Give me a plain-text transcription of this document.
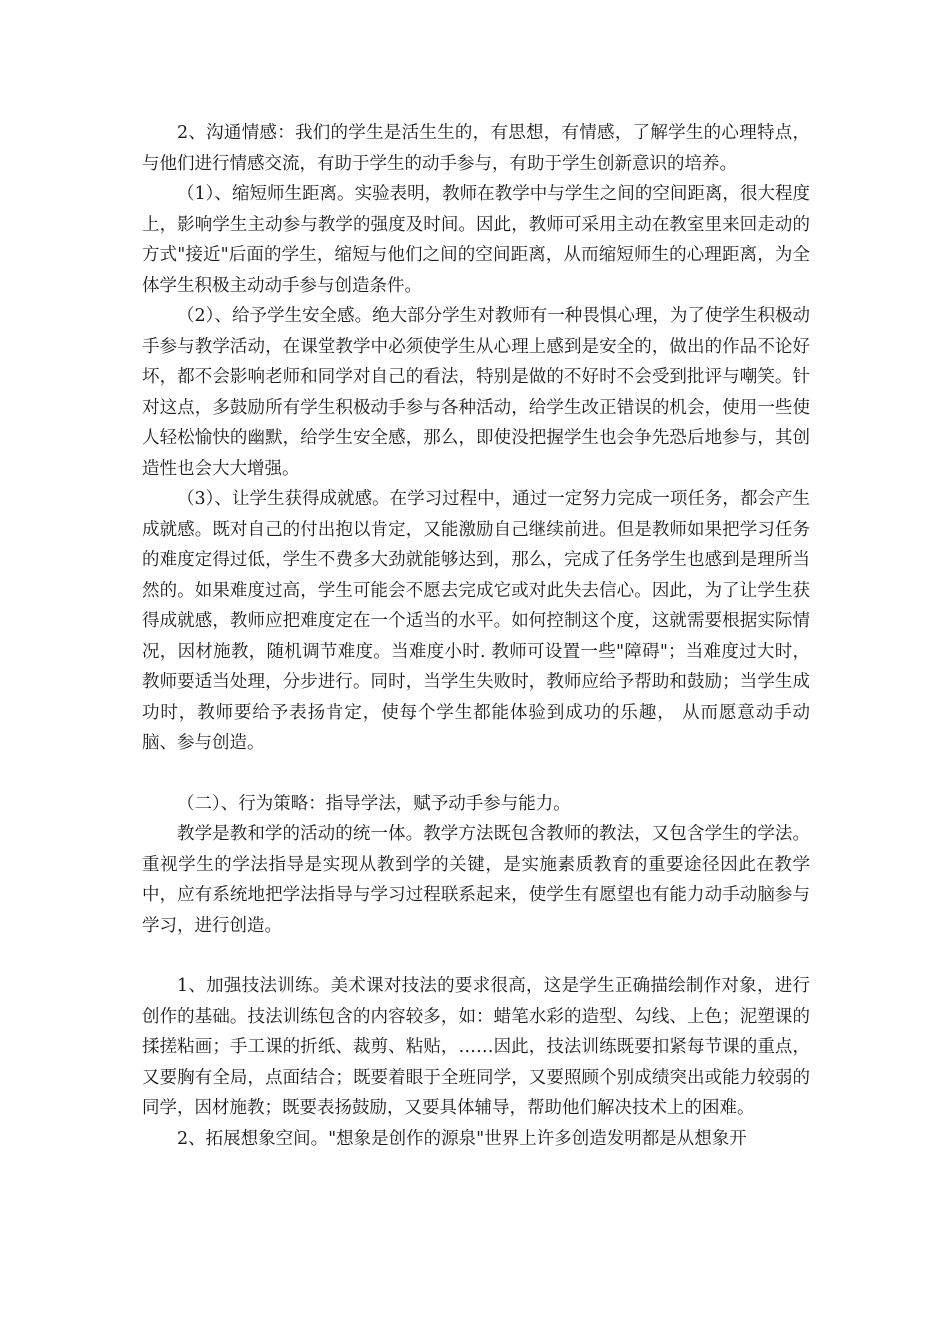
2、沟通情感：我们的学生是活生生的，有思想，有情感，了解学生的心理特点，与他们进行情感交流，有助于学生的动手参与，有助于学生创新意识的培养。

（1）、缩短师生距离。实验表明，教师在教学中与学生之间的空间距离，很大程度上，影响学生主动参与教学的强度及时间。因此，教师可采用主动在教室里来回走动的方式"接近"后面的学生，缩短与他们之间的空间距离，从而缩短师生的心理距离，为全体学生积极主动动手参与创造条件。

（2）、给予学生安全感。绝大部分学生对教师有一种畏惧心理，为了使学生积极动手参与教学活动，在课堂教学中必须使学生从心理上感到是安全的，做出的作品不论好坏，都不会影响老师和同学对自己的看法，特别是做的不好时不会受到批评与嘲笑。针对这点，多鼓励所有学生积极动手参与各种活动，给学生改正错误的机会，使用一些使人轻松愉快的幽默，给学生安全感，那么，即使没把握学生也会争先恐后地参与，其创造性也会大大增强。

（3）、让学生获得成就感。在学习过程中，通过一定努力完成一项任务，都会产生成就感。既对自己的付出抱以肯定，又能激励自己继续前进。但是教师如果把学习任务的难度定得过低，学生不费多大劲就能够达到，那么，完成了任务学生也感到是理所当然的。如果难度过高，学生可能会不愿去完成它或对此失去信心。因此，为了让学生获得成就感，教师应把难度定在一个适当的水平。如何控制这个度，这就需要根据实际情况，因材施教，随机调节难度。当难度小时. 教师可设置一些"障碍"；当难度过大时，教师要适当处理，分步进行。同时，当学生失败时，教师应给予帮助和鼓励；当学生成功时，教师要给予表扬肯定，使每个学生都能体验到成功的乐趣， 从而愿意动手动脑、参与创造。

（二）、行为策略：指导学法，赋予动手参与能力。

教学是教和学的活动的统一体。教学方法既包含教师的教法，又包含学生的学法。重视学生的学法指导是实现从教到学的关键，是实施素质教育的重要途径因此在教学中，应有系统地把学法指导与学习过程联系起来，使学生有愿望也有能力动手动脑参与学习，进行创造。

1、加强技法训练。美术课对技法的要求很高，这是学生正确描绘制作对象，进行创作的基础。技法训练包含的内容较多，如：蜡笔水彩的造型、勾线、上色；泥塑课的揉搓粘画；手工课的折纸、裁剪、粘贴，……因此，技法训练既要扣紧每节课的重点，又要胸有全局，点面结合；既要着眼于全班同学，又要照顾个别成绩突出或能力较弱的同学，因材施教；既要表扬鼓励，又要具体辅导，帮助他们解决技术上的困难。

2、拓展想象空间。"想象是创作的源泉"世界上许多创造发明都是从想象开
